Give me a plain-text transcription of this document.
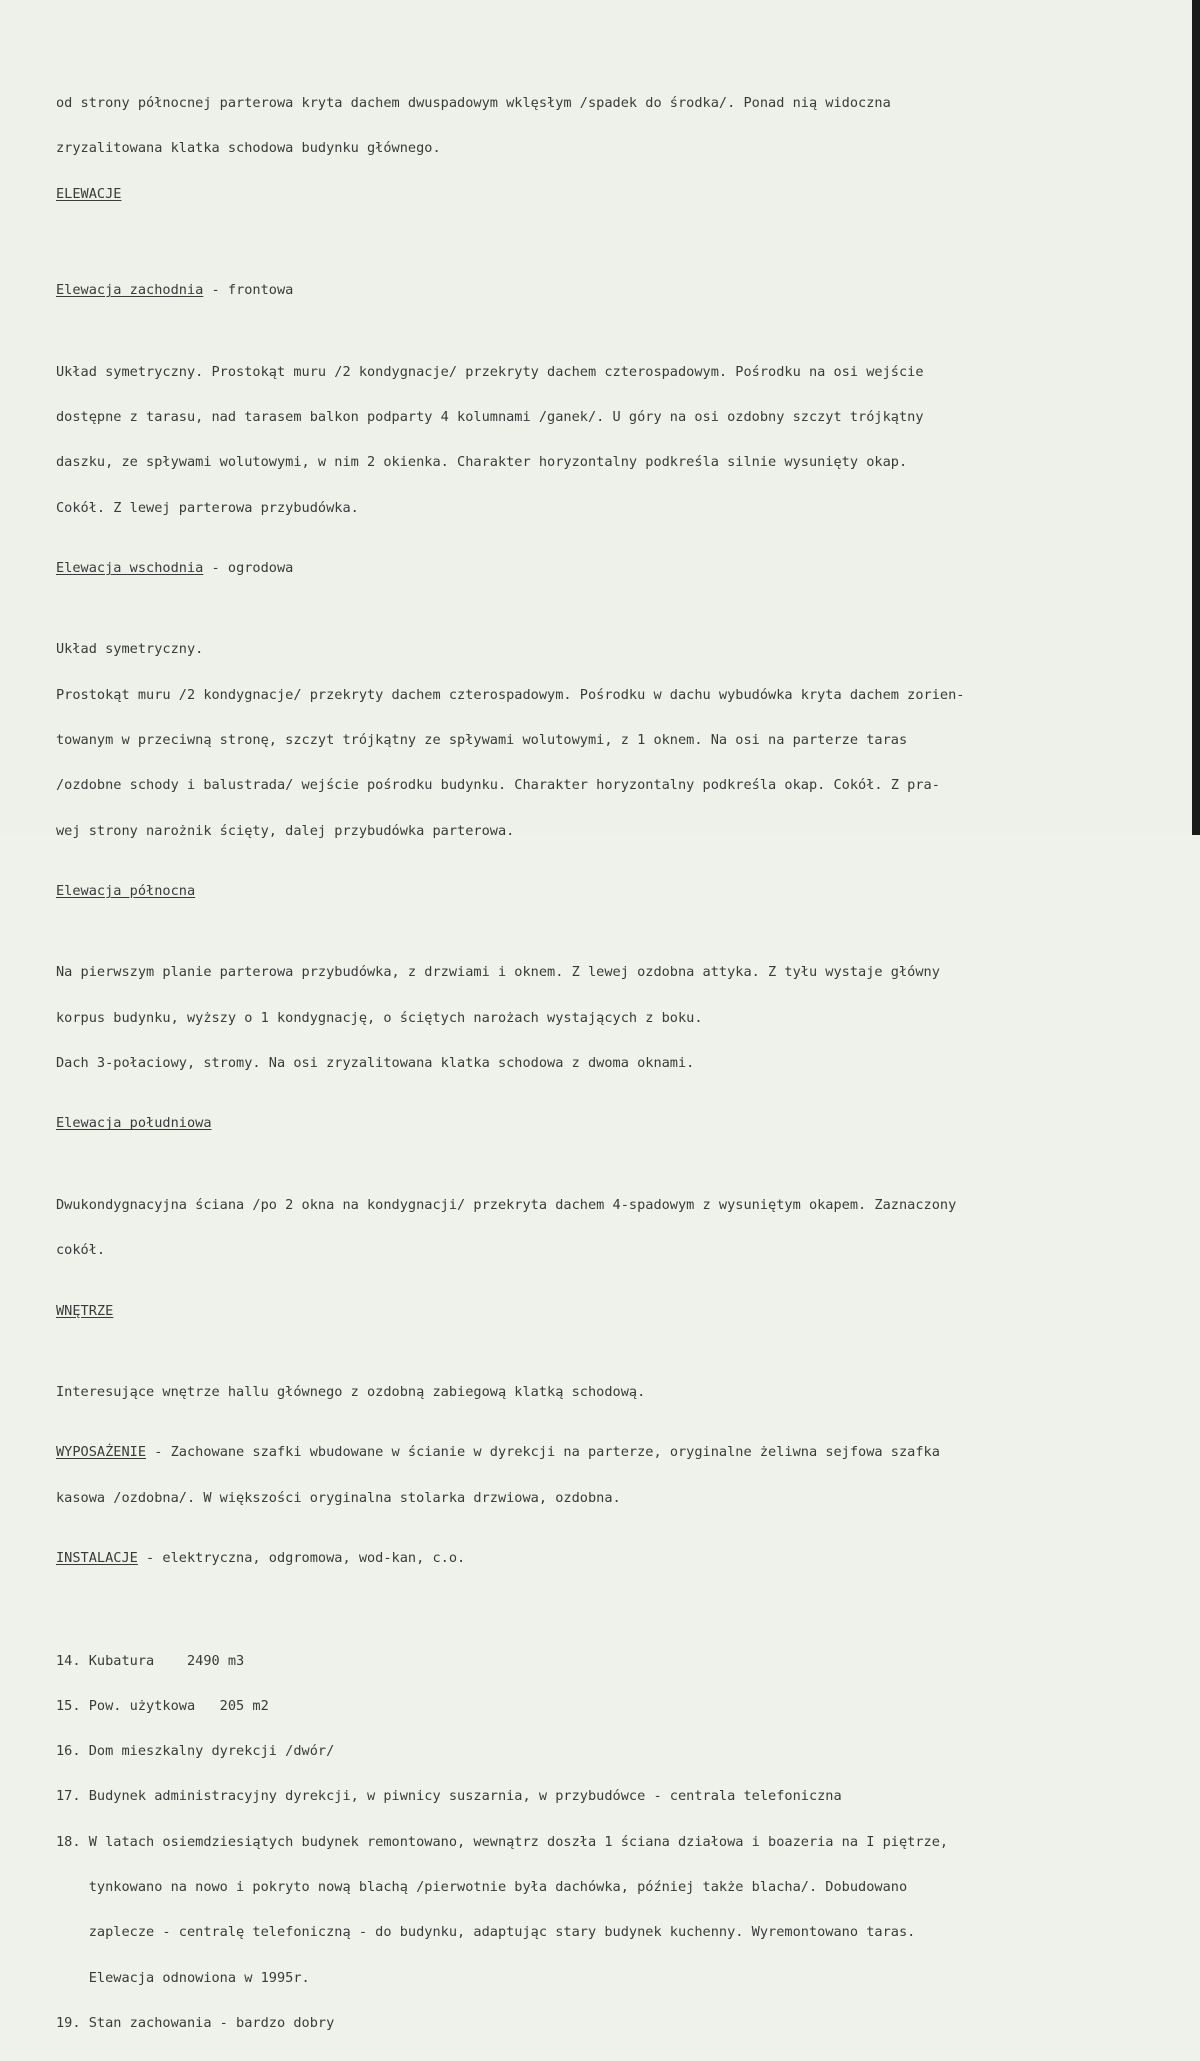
od strony północnej parterowa kryta dachem dwuspadowym wklęsłym /spadek do środka/. Ponad nią widoczna

zryzalitowana klatka schodowa budynku głównego.

ELEWACJE

Elewacja zachodnia - frontowa

Układ symetryczny. Prostokąt muru /2 kondygnacje/ przekryty dachem czterospadowym. Pośrodku na osi wejście

dostępne z tarasu, nad tarasem balkon podparty 4 kolumnami /ganek/. U góry na osi ozdobny szczyt trójkątny

daszku, ze spływami wolutowymi, w nim 2 okienka. Charakter horyzontalny podkreśla silnie wysunięty okap.

Cokół. Z lewej parterowa przybudówka.

Elewacja wschodnia - ogrodowa

Układ symetryczny.

Prostokąt muru /2 kondygnacje/ przekryty dachem czterospadowym. Pośrodku w dachu wybudówka kryta dachem zorien-

towanym w przeciwną stronę, szczyt trójkątny ze spływami wolutowymi, z 1 oknem. Na osi na parterze taras

/ozdobne schody i balustrada/ wejście pośrodku budynku. Charakter horyzontalny podkreśla okap. Cokół. Z pra-

wej strony narożnik ścięty, dalej przybudówka parterowa.

Elewacja północna

Na pierwszym planie parterowa przybudówka, z drzwiami i oknem. Z lewej ozdobna attyka. Z tyłu wystaje główny

korpus budynku, wyższy o 1 kondygnację, o ściętych narożach wystających z boku.

Dach 3-połaciowy, stromy. Na osi zryzalitowana klatka schodowa z dwoma oknami.

Elewacja południowa

Dwukondygnacyjna ściana /po 2 okna na kondygnacji/ przekryta dachem 4-spadowym z wysuniętym okapem. Zaznaczony

cokół.

WNĘTRZE

Interesujące wnętrze hallu głównego z ozdobną zabiegową klatką schodową.

WYPOSAŻENIE - Zachowane szafki wbudowane w ścianie w dyrekcji na parterze, oryginalne żeliwna sejfowa szafka

kasowa /ozdobna/. W większości oryginalna stolarka drzwiowa, ozdobna.

INSTALACJE - elektryczna, odgromowa, wod-kan, c.o.

14. Kubatura    2490 m3

15. Pow. użytkowa   205 m2

16. Dom mieszkalny dyrekcji /dwór/

17. Budynek administracyjny dyrekcji, w piwnicy suszarnia, w przybudówce - centrala telefoniczna

18. W latach osiemdziesiątych budynek remontowano, wewnątrz doszła 1 ściana działowa i boazeria na I piętrze,

tynkowano na nowo i pokryto nową blachą /pierwotnie była dachówka, później także blacha/. Dobudowano

zaplecze - centralę telefoniczną - do budynku, adaptując stary budynek kuchenny. Wyremontowano taras.

Elewacja odnowiona w 1995r.

19. Stan zachowania - bardzo dobry
